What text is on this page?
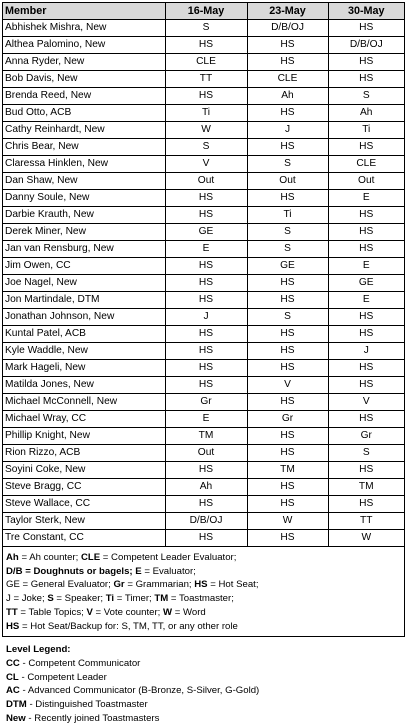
Member	16-May	23-May	30-May
Abhishek Mishra, New	S	D/B/OJ	HS
Althea Palomino, New	HS	HS	D/B/OJ
Anna Ryder, New	CLE	HS	HS
Bob Davis, New	TT	CLE	HS
Brenda Reed, New	HS	Ah	S
Bud Otto, ACB	Ti	HS	Ah
Cathy Reinhardt, New	W	J	Ti
Chris Bear, New	S	HS	HS
Claressa Hinklen, New	V	S	CLE
Dan Shaw, New	Out	Out	Out
Danny Soule, New	HS	HS	E
Darbie Krauth, New	HS	Ti	HS
Derek Miner, New	GE	S	HS
Jan van Rensburg, New	E	S	HS
Jim Owen, CC	HS	GE	E
Joe Nagel, New	HS	HS	GE
Jon Martindale, DTM	HS	HS	E
Jonathan Johnson, New	J	S	HS
Kuntal Patel, ACB	HS	HS	HS
Kyle Waddle, New	HS	HS	J
Mark Hageli, New	HS	HS	HS
Matilda Jones, New	HS	V	HS
Michael McConnell, New	Gr	HS	V
Michael Wray, CC	E	Gr	HS
Phillip Knight, New	TM	HS	Gr
Rion Rizzo, ACB	Out	HS	S
Soyini Coke, New	HS	TM	HS
Steve Bragg, CC	Ah	HS	TM
Steve Wallace, CC	HS	HS	HS
Taylor Sterk, New	D/B/OJ	W	TT
Tre Constant, CC	HS	HS	W

Ah = Ah counter; CLE = Competent Leader Evaluator;

D/B = Doughnuts or bagels; E = Evaluator;

GE = General Evaluator; Gr = Grammarian; HS = Hot Seat;

J = Joke; S = Speaker; Ti = Timer; TM = Toastmaster;

TT = Table Topics; V = Vote counter; W = Word

HS = Hot Seat/Backup for: S, TM, TT, or any other role

Level Legend:

CC - Competent Communicator

CL - Competent Leader

AC - Advanced Communicator (B-Bronze, S-Silver, G-Gold)

DTM - Distinguished Toastmaster

New - Recently joined Toastmasters
